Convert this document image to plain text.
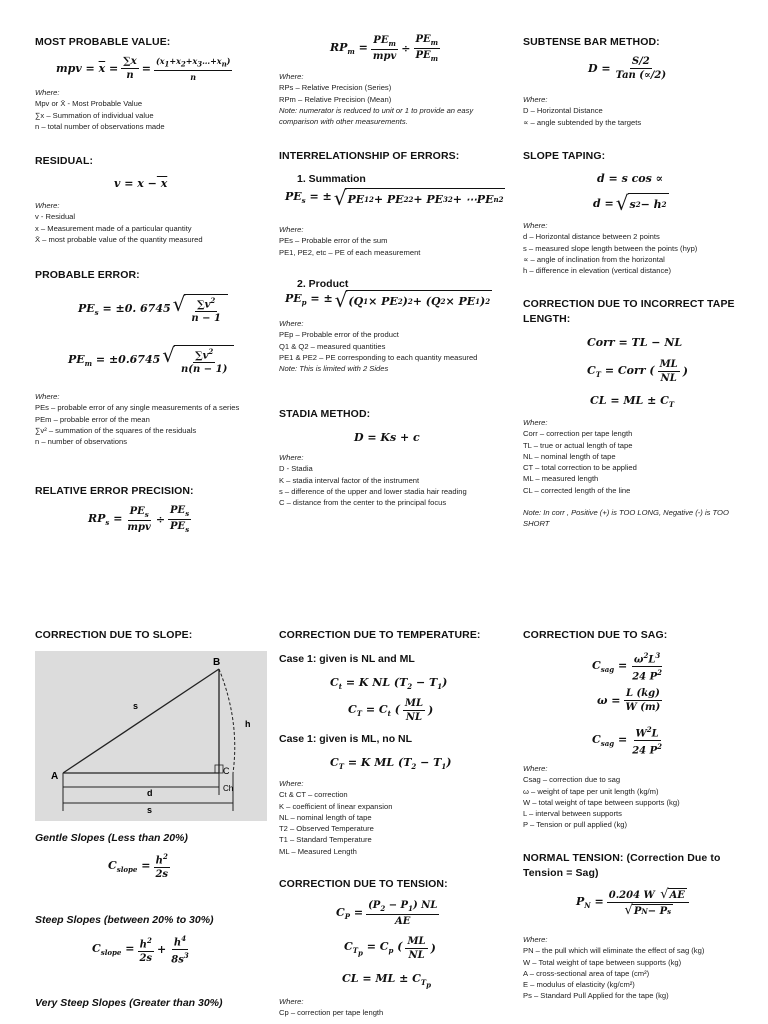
MOST PROBABLE VALUE:
mpv = $\overline{x} = \frac{\sum x}{n} = \frac{(x_1+x_2+x_3\dots+x_n)}{n}$
Where:
Mpv or X̄ - Most Probable Value
∑x – Summation of individual value
n – total number of observations made
RESIDUAL:
v = x − x
Where:
v - Residual
x – Measurement made of a particular quantity
X̄ – most probable value of the quantity measured
PROBABLE ERROR:
$PE_s = \pm 0$. 6745 √ $\frac{\sum v^2}{n - 1}$
$PE_m = \pm 0.6745$ √ $\frac{\sum v^2}{n(n - 1)}$
Where:
PEs – probable error of any single measurements of a series
PEm – probable error of the mean
∑v² – summation of the squares of the residuals
n – number of observations
RELATIVE ERROR PRECISION:
$RP_s = \frac{PE_s}{\text{mpv}} \div \frac{PE_s}{PE_s}$
$RP_m = \frac{PE_m}{\text{mpv}} \div \frac{PE_m}{PE_m}$
Where:
RPs – Relative Precision (Series)
RPm – Relative Precision (Mean)
Note: numerator is reduced to unit or 1 to provide an easy comparison with other measurements.
INTERRELATIONSHIP OF ERRORS:
1. Summation
$PE_s$ = ± √ PE 1 2 + PE 2 2 + PE 3 2 + ⋯PE n 2
Where:
PEs – Probable error of the sum
PE1, PE2, etc – PE of each measurement
2. Product
$PE_p$ = ± √ (Q 1 × PE 2 ) 2 + (Q 2 × PE 1 ) 2
Where:
PEp – Probable error of the product
Q1 & Q2 – measured quantities
PE1 & PE2 – PE corresponding to each quantity measured
Note: This is limited with 2 Sides
STADIA METHOD:
D = Ks + c
Where:
D - Stadia
K – stadia interval factor of the instrument
s – difference of the upper and lower stadia hair reading
C – distance from the center to the principal focus
SUBTENSE BAR METHOD:
$D = \frac{S/2}{\text{Tan (∝/2)}}$
Where:
D – Horizontal Distance
∝ – angle subtended by the targets
SLOPE TAPING:
d = s cos ∝
d = √ s 2 − h 2
Where:
d – Horizontal distance between 2 points
s – measured slope length between the points (hyp)
∝ – angle of inclination from the horizontal
h – difference in elevation (vertical distance)
CORRECTION DUE TO INCORRECT TAPE LENGTH:
Corr = TL − NL
$C_T$ = Corr ( $\frac{ML}{NL}$ )
CL = ML ± $C_T$
Where:
Corr – correction per tape length
TL – true or actual length of tape
NL – nominal length of tape
CT – total correction to be applied
ML – measured length
CL – corrected length of the line
Note: In corr , Positive (+) is TOO LONG, Negative (-) is TOO SHORT
CORRECTION DUE TO SLOPE:
A
B
C
Ch
h
d
s
s
Gentle Slopes (Less than 20%)
$C_{slope} = \frac{h^2}{2s}$
Steep Slopes (between 20% to 30%)
$C_{slope} = \frac{h^2}{2s} + \frac{h^4}{8s^3}$
Very Steep Slopes (Greater than 30%)
CORRECTION DUE TO TEMPERATURE:
Case 1: given is NL and ML
$C_t = K$ NL $(T_2 - T_1)$
$C_T = C_t$ ( $\frac{ML}{NL}$ )
Case 1: given is ML, no NL
$C_T = K$ ML $(T_2 - T_1)$
Where:
Ct & CT – correction
K – coefficient of linear expansion
NL – nominal length of tape
T2 – Observed Temperature
T1 – Standard Temperature
ML – Measured Length
CORRECTION DUE TO TENSION:
$C_P = \frac{(P_2 - P_1) NL}{AE}$
$C_{T_p} = C_p$ ( $\frac{ML}{NL}$ )
CL = ML ± $C_{T_p}$
Where:
Cp – correction per tape length
CORRECTION DUE TO SAG:
$C_{sag} = \frac{\omega^2L^3}{24 P^2}$
$\omega = \frac{L (kg)}{W (m)}$
$C_{sag} = \frac{W^2L}{24 P^2}$
Where:
Csag – correction due to sag
ω – weight of tape per unit length (kg/m)
W – total weight of tape between supports (kg)
L – interval between supports
P – Tension or pull applied (kg)
NORMAL TENSION: (Correction Due to Tension = Sag)
$P_N = \frac{0.204 W √ AE}{\text{√ P N − P s}}$
Where:
PN – the pull which will eliminate the effect of sag (kg)
W – Total weight of tape between supports (kg)
A – cross-sectional area of tape (cm²)
E – modulus of elasticity (kg/cm²)
Ps – Standard Pull Applied for the tape (kg)
